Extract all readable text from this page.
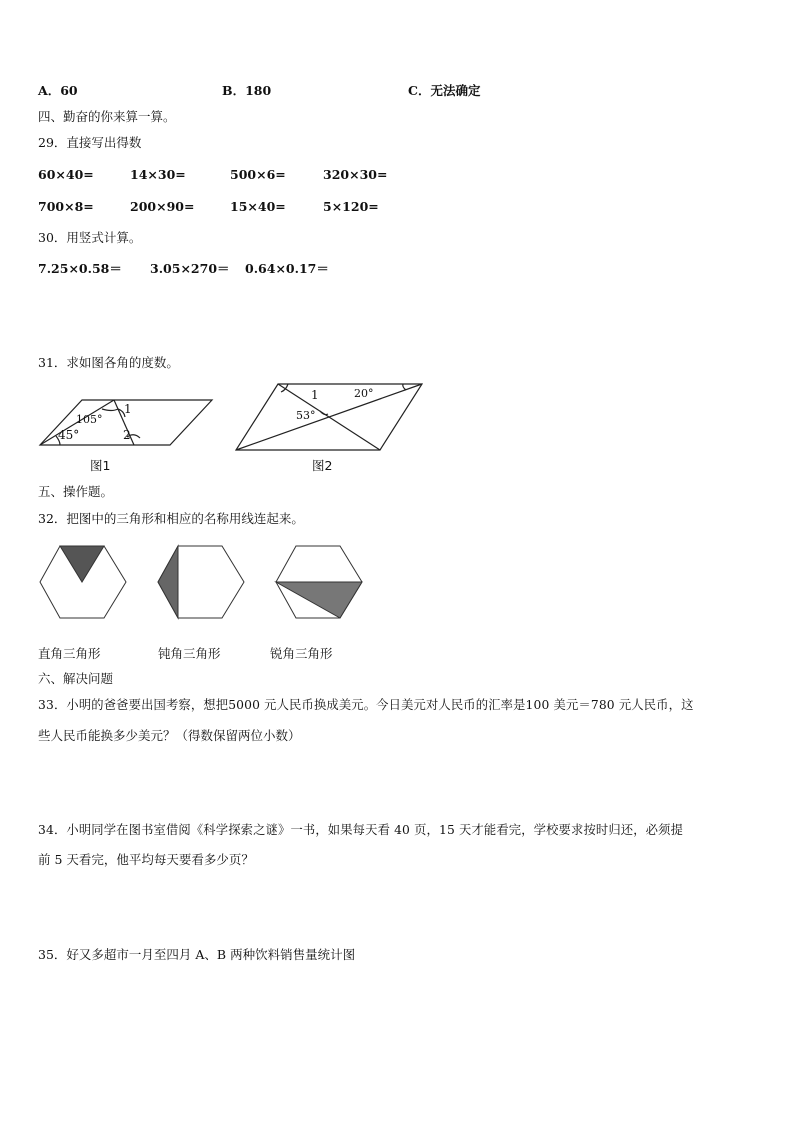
A．60	B．180	C．无法确定
四、勤奋的你来算一算。
29．直接写出得数
60×40=	14×30=	500×6=	320×30=
700×8=	200×90=	15×40=	5×120=
30．用竖式计算。
7.25×0.58＝ 3.05×270＝ 0.64×0.17＝
31．求如图各角的度数。
105°
45°
1
2
图1
1	20°
53°
图2
五、操作题。
32．把图中的三角形和相应的名称用线连起来。
直角三角形	钝角三角形	锐角三角形
六、解决问题
33．小明的爸爸要出国考察，想把5000 元人民币换成美元。今日美元对人民币的汇率是100 美元＝780 元人民币，这
些人民币能换多少美元？（得数保留两位小数）
34．小明同学在图书室借阅《科学探索之谜》一书，如果每天看 40 页，15 天才能看完，学校要求按时归还，必须提
前 5 天看完，他平均每天要看多少页？
35．好又多超市一月至四月 A、B 两种饮料销售量统计图
